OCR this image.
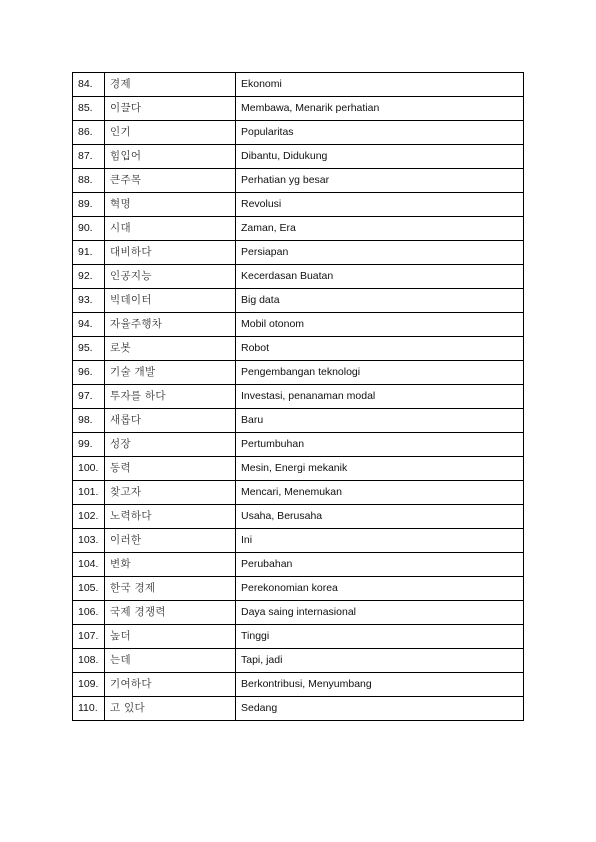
84.	경제	Ekonomi
85.	이끌다	Membawa, Menarik perhatian
86.	인기	Popularitas
87.	힘입어	Dibantu, Didukung
88.	큰주목	Perhatian yg besar
89.	혁명	Revolusi
90.	시대	Zaman, Era
91.	대비하다	Persiapan
92.	인공지능	Kecerdasan Buatan
93.	빅데이터	Big data
94.	자율주행차	Mobil otonom
95.	로봇	Robot
96.	기술 개발	Pengembangan teknologi
97.	투자를 하다	Investasi, penanaman modal
98.	새롭다	Baru
99.	성장	Pertumbuhan
100.	동력	Mesin, Energi mekanik
101.	찾고자	Mencari, Menemukan
102.	노력하다	Usaha, Berusaha
103.	이러한	Ini
104.	변화	Perubahan
105.	한국 경제	Perekonomian korea
106.	국제 경쟁력	Daya saing internasional
107.	높더	Tinggi
108.	는데	Tapi, jadi
109.	기여하다	Berkontribusi, Menyumbang
110.	고 있다	Sedang
